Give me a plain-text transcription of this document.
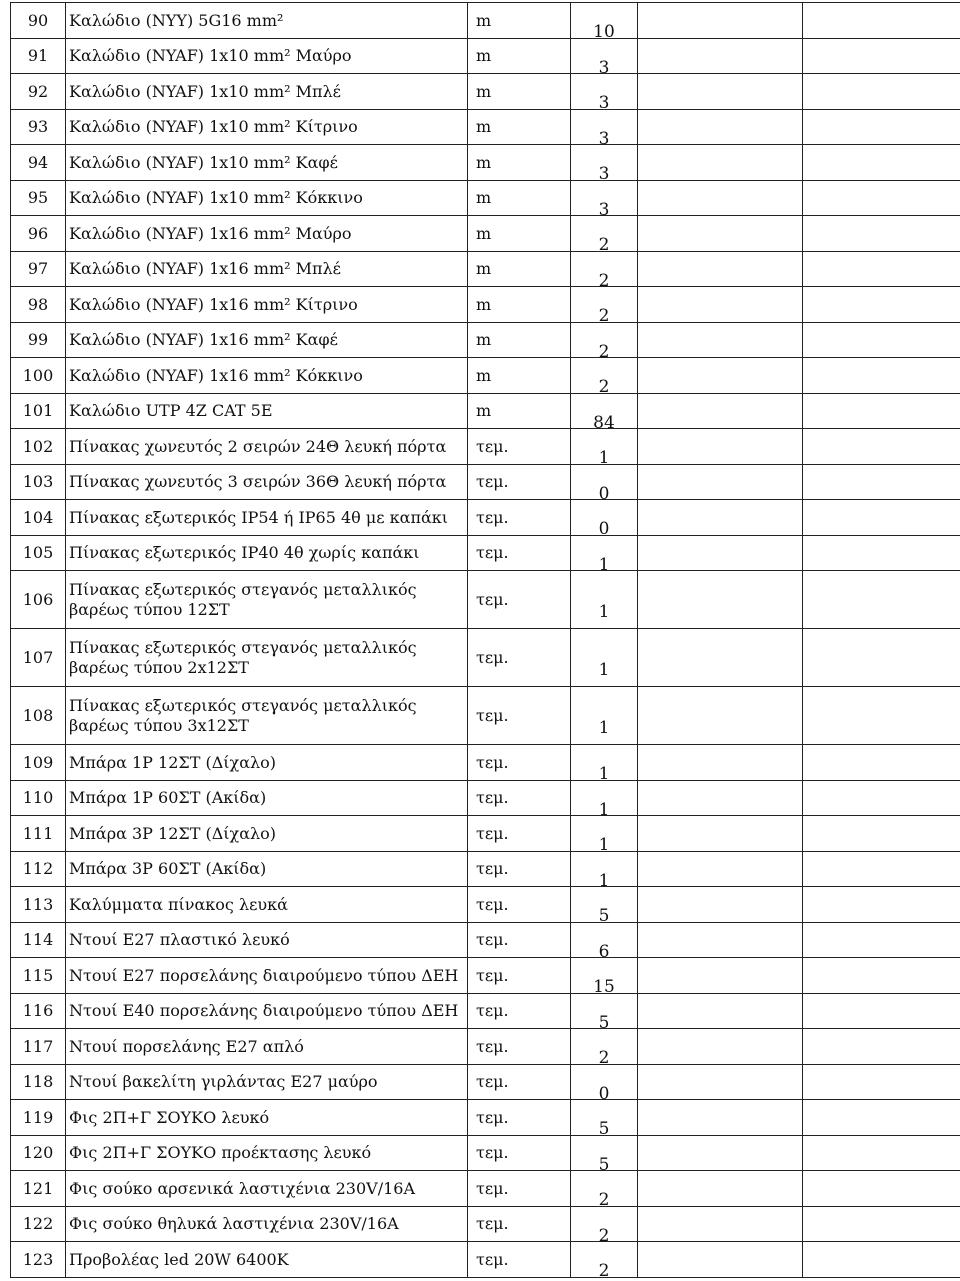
90	Καλώδιο (NYY) 5G16 mm²	m	10		

91	Καλώδιο (NYAF) 1x10 mm² Μαύρο	m	3		

92	Καλώδιο (NYAF) 1x10 mm² Μπλέ	m	3		

93	Καλώδιο (NYAF) 1x10 mm² Κίτρινο	m	3		

94	Καλώδιο (NYAF) 1x10 mm² Καφέ	m	3		

95	Καλώδιο (NYAF) 1x10 mm² Κόκκινο	m	3		

96	Καλώδιο (NYAF) 1x16 mm² Μαύρο	m	2		

97	Καλώδιο (NYAF) 1x16 mm² Μπλέ	m	2		

98	Καλώδιο (NYAF) 1x16 mm² Κίτρινο	m	2		

99	Καλώδιο (NYAF) 1x16 mm² Καφέ	m	2		

100	Καλώδιο (NYAF) 1x16 mm² Κόκκινο	m	2		

101	Καλώδιο UTP 4Z CAT 5E	m	84		

102	Πίνακας χωνευτός 2 σειρών 24Θ λευκή πόρτα	τεμ.	1		

103	Πίνακας χωνευτός 3 σειρών 36Θ λευκή πόρτα	τεμ.	0		

104	Πίνακας εξωτερικός IP54 ή IP65 4θ με καπάκι	τεμ.	0		

105	Πίνακας εξωτερικός IP40 4θ χωρίς καπάκι	τεμ.	1		

106	Πίνακας εξωτερικός στεγανός μεταλλικός βαρέως τύπου 12ΣΤ	τεμ.	1		

107	Πίνακας εξωτερικός στεγανός μεταλλικός βαρέως τύπου 2x12ΣΤ	τεμ.	1		

108	Πίνακας εξωτερικός στεγανός μεταλλικός βαρέως τύπου 3x12ΣΤ	τεμ.	1		

109	Μπάρα 1P 12ΣΤ (Δίχαλο)	τεμ.	1		

110	Μπάρα 1P 60ΣΤ (Ακίδα)	τεμ.	1		

111	Μπάρα 3P 12ΣΤ (Δίχαλο)	τεμ.	1		

112	Μπάρα 3P 60ΣΤ (Ακίδα)	τεμ.	1		

113	Καλύμματα πίνακος λευκά	τεμ.	5		

114	Ντουί E27 πλαστικό λευκό	τεμ.	6		

115	Ντουί E27 πορσελάνης διαιρούμενο τύπου ΔΕΗ	τεμ.	15		

116	Ντουί E40 πορσελάνης διαιρούμενο τύπου ΔΕΗ	τεμ.	5		

117	Ντουί πορσελάνης E27 απλό	τεμ.	2		

118	Ντουί βακελίτη γιρλάντας E27 μαύρο	τεμ.	0		

119	Φις 2Π+Γ ΣΟΥΚΟ λευκό	τεμ.	5		

120	Φις 2Π+Γ ΣΟΥΚΟ προέκτασης λευκό	τεμ.	5		

121	Φις σούκο αρσενικά λαστιχένια 230V/16A	τεμ.	2		

122	Φις σούκο θηλυκά λαστιχένια 230V/16A	τεμ.	2		

123	Προβολέας led 20W 6400K	τεμ.	2		
